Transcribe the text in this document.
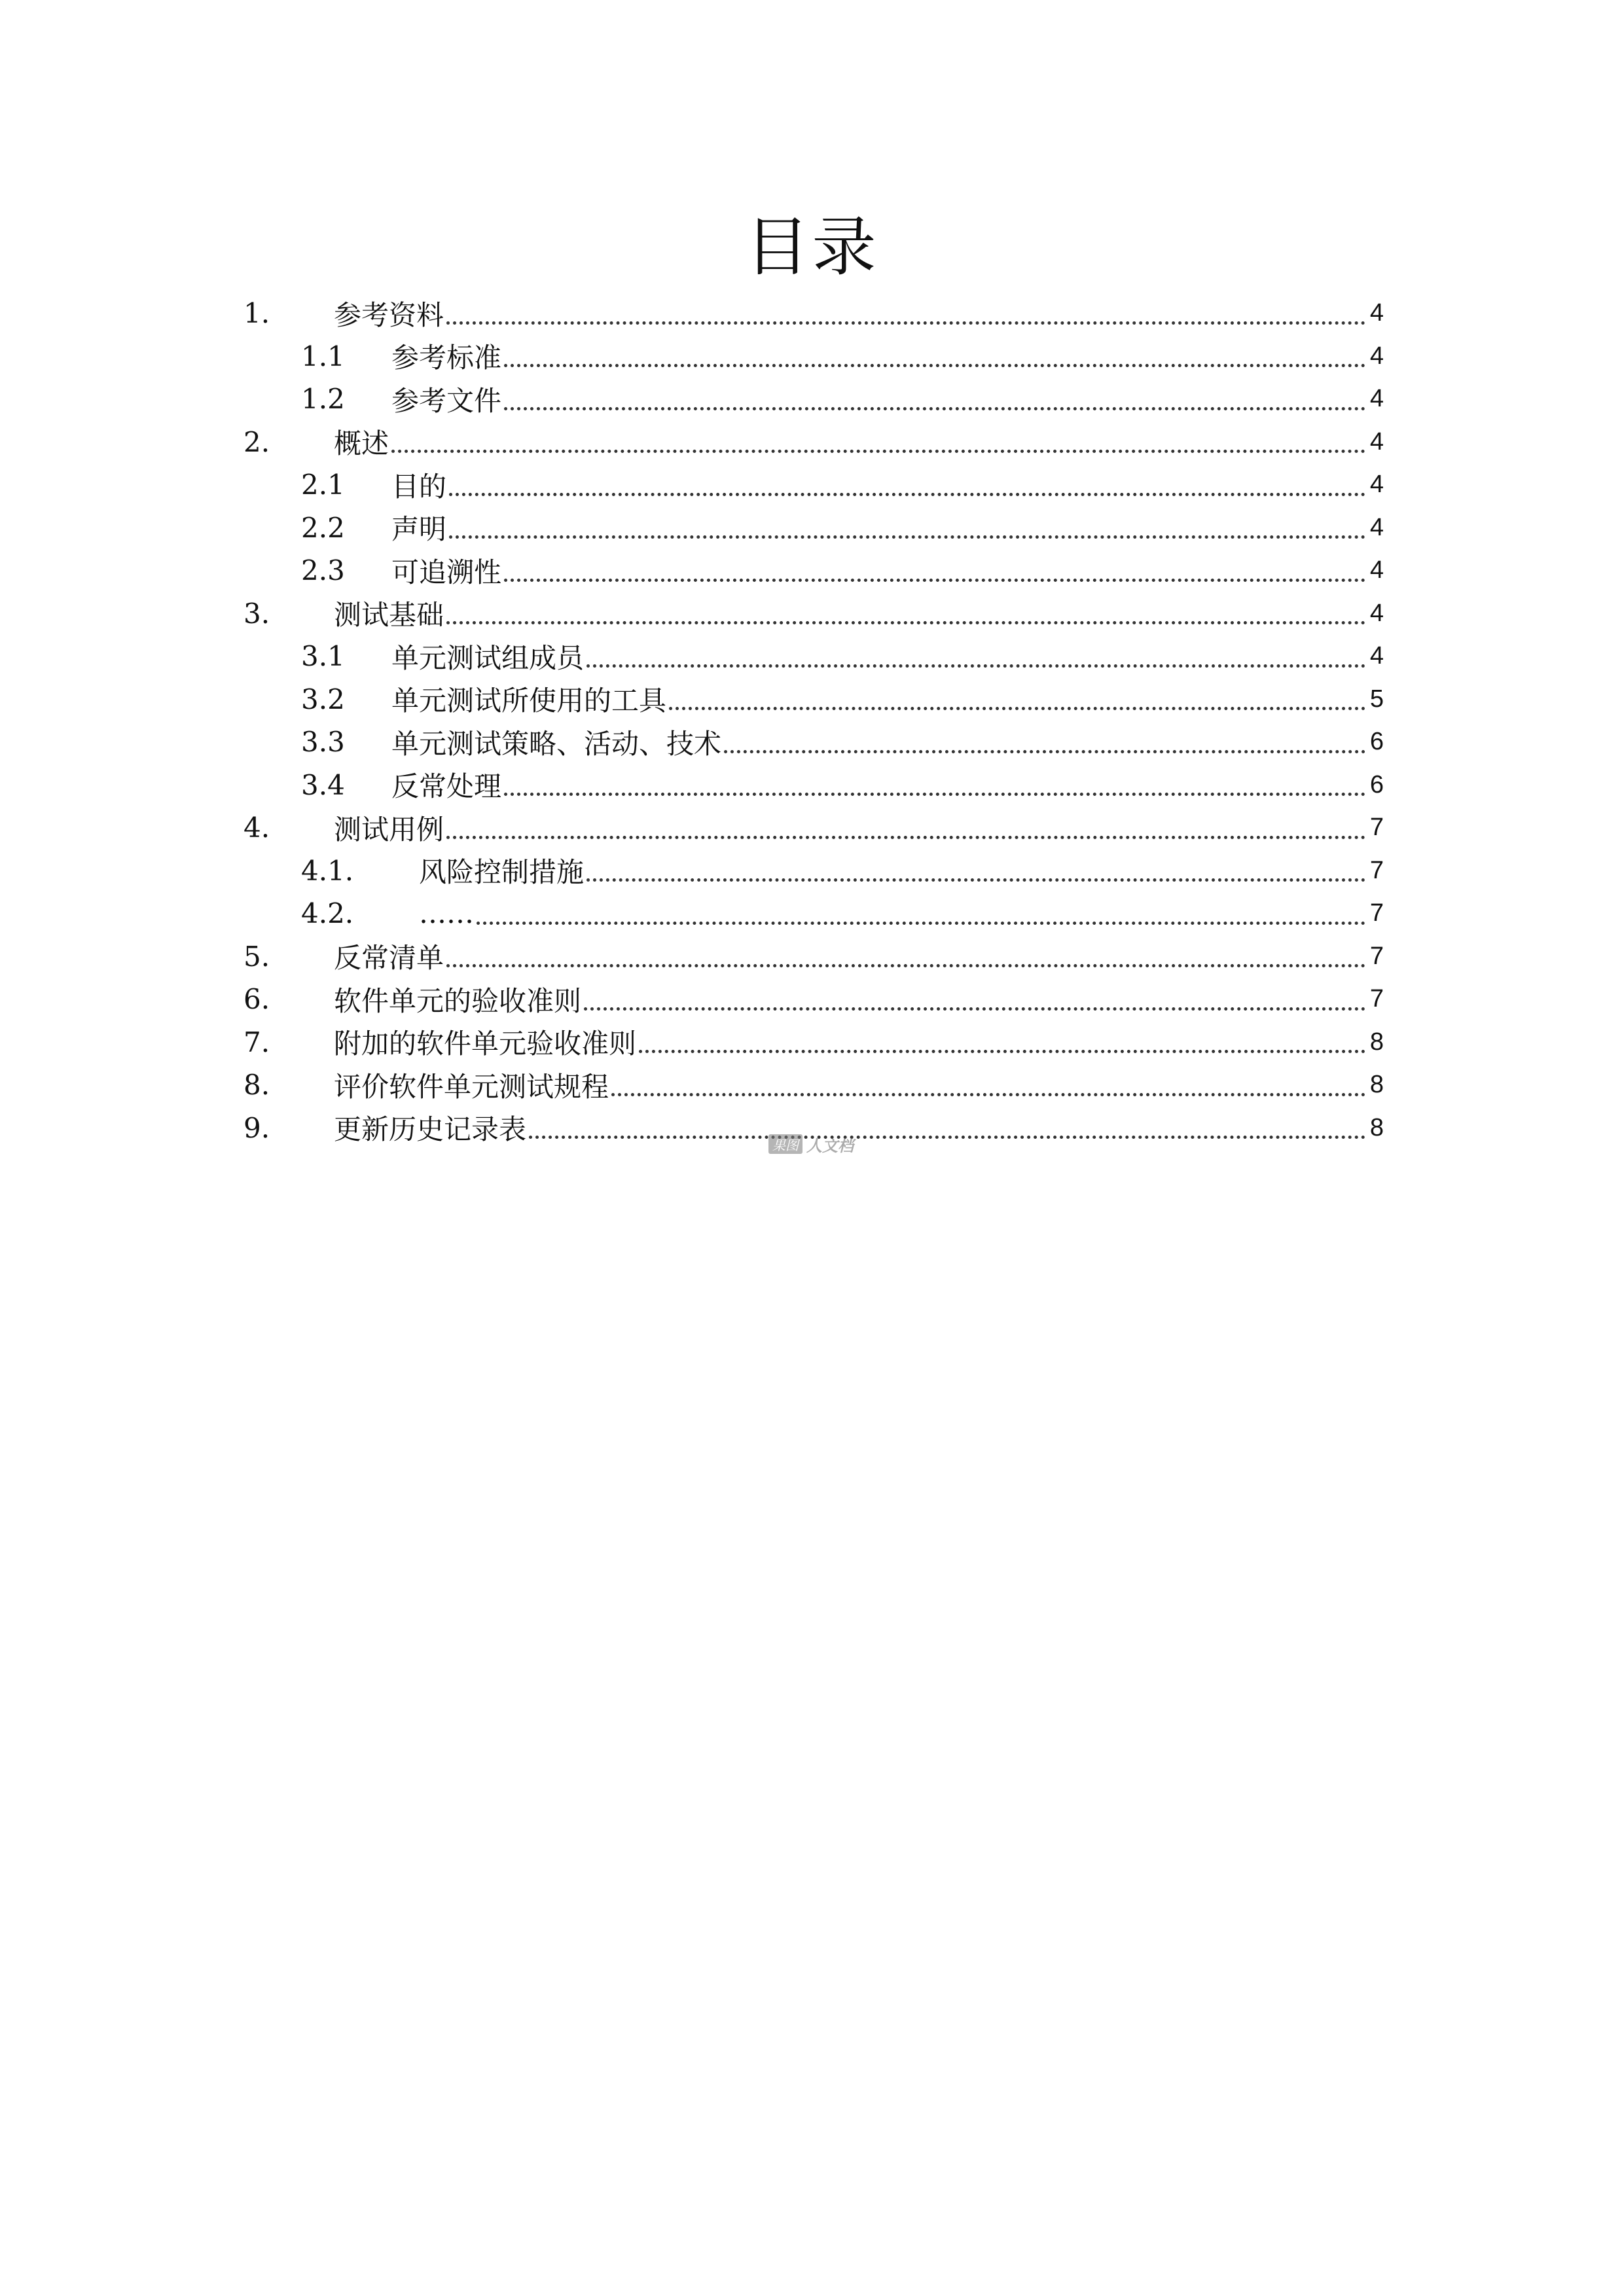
目录
1.	参考资料	4
1.1	参考标准	4
1.2	参考文件	4
2.	概述	4
2.1	目的	4
2.2	声明	4
2.3	可追溯性	4
3.	测试基础	4
3.1	单元测试组成员	4
3.2	单元测试所使用的工具	5
3.3	单元测试策略、活动、技术	6
3.4	反常处理	6
4.	测试用例	7
4.1.	风险控制措施	7
4.2.	……	7
5.	反常清单	7
6.	软件单元的验收准则	7
7.	附加的软件单元验收准则	8
8.	评价软件单元测试规程	8
9.	更新历史记录表	8
果图 人文档
